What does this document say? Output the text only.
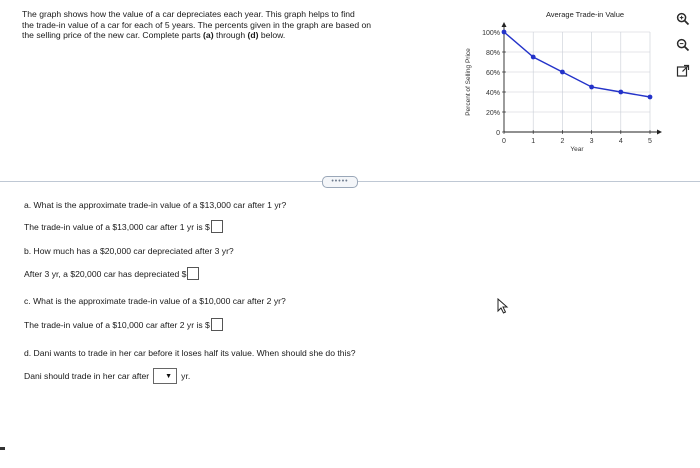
The graph shows how the value of a car depreciates each year. This graph helps to find
the trade-in value of a car for each of 5 years. The percents given in the graph are based on
the selling price of the new car. Complete parts (a) through (d) below.
0
20%
40%
60%
80%
100%
0	1	2	3	4	5
Average Trade-in Value
Year
Percent of Selling Price
•••••
a. What is the approximate trade-in value of a $13,000 car after 1 yr?
The trade-in value of a $13,000 car after 1 yr is $
b. How much has a $20,000 car depreciated after 3 yr?
After 3 yr, a $20,000 car has depreciated $
c. What is the approximate trade-in value of a $10,000 car after 2 yr?
The trade-in value of a $10,000 car after 2 yr is $
d. Dani wants to trade in her car before it loses half its value. When should she do this?
Dani should trade in her car after ▼ yr.
